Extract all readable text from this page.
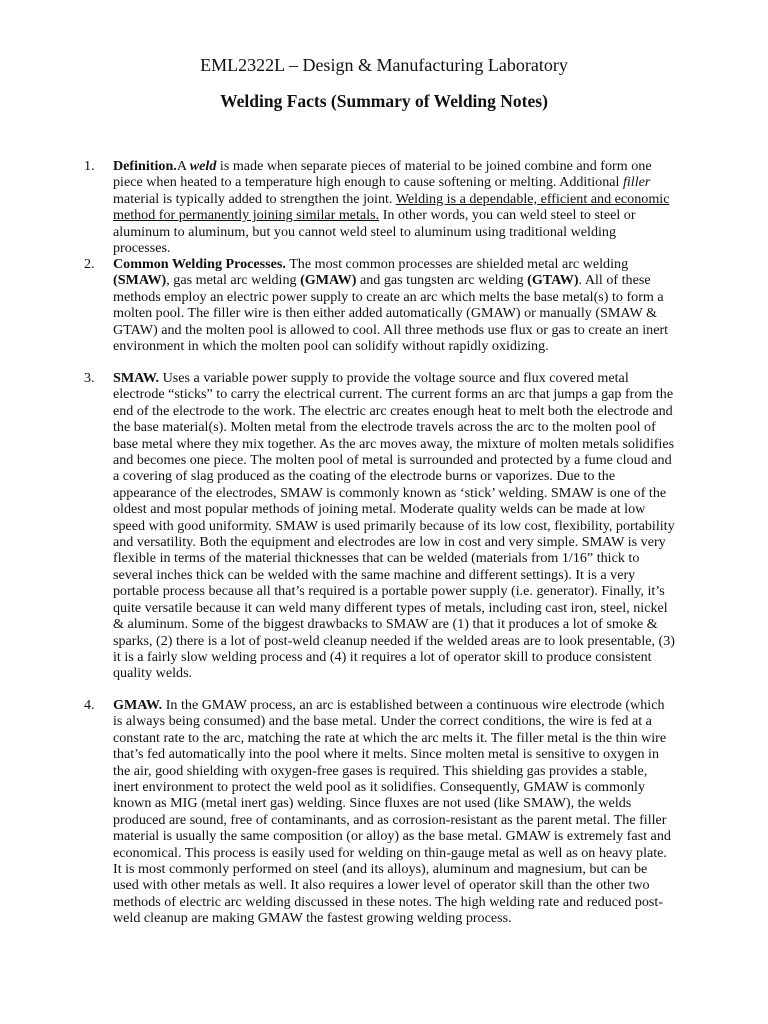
EML2322L – Design & Manufacturing Laboratory
Welding Facts (Summary of Welding Notes)
1. Definition.A weld is made when separate pieces of material to be joined combine and form one piece when heated to a temperature high enough to cause softening or melting. Additional filler material is typically added to strengthen the joint. Welding is a dependable, efficient and economic method for permanently joining similar metals. In other words, you can weld steel to steel or aluminum to aluminum, but you cannot weld steel to aluminum using traditional welding processes.
2. Common Welding Processes. The most common processes are shielded metal arc welding (SMAW), gas metal arc welding (GMAW) and gas tungsten arc welding (GTAW). All of these methods employ an electric power supply to create an arc which melts the base metal(s) to form a molten pool. The filler wire is then either added automatically (GMAW) or manually (SMAW & GTAW) and the molten pool is allowed to cool. All three methods use flux or gas to create an inert environment in which the molten pool can solidify without rapidly oxidizing.
3. SMAW. Uses a variable power supply to provide the voltage source and flux covered metal electrode “sticks” to carry the electrical current. The current forms an arc that jumps a gap from the end of the electrode to the work. The electric arc creates enough heat to melt both the electrode and the base material(s). Molten metal from the electrode travels across the arc to the molten pool of base metal where they mix together. As the arc moves away, the mixture of molten metals solidifies and becomes one piece. The molten pool of metal is surrounded and protected by a fume cloud and a covering of slag produced as the coating of the electrode burns or vaporizes. Due to the appearance of the electrodes, SMAW is commonly known as ‘stick’ welding. SMAW is one of the oldest and most popular methods of joining metal. Moderate quality welds can be made at low speed with good uniformity. SMAW is used primarily because of its low cost, flexibility, portability and versatility. Both the equipment and electrodes are low in cost and very simple. SMAW is very flexible in terms of the material thicknesses that can be welded (materials from 1/16” thick to several inches thick can be welded with the same machine and different settings). It is a very portable process because all that’s required is a portable power supply (i.e. generator). Finally, it’s quite versatile because it can weld many different types of metals, including cast iron, steel, nickel & aluminum. Some of the biggest drawbacks to SMAW are (1) that it produces a lot of smoke & sparks, (2) there is a lot of post-weld cleanup needed if the welded areas are to look presentable, (3) it is a fairly slow welding process and (4) it requires a lot of operator skill to produce consistent quality welds.
4. GMAW. In the GMAW process, an arc is established between a continuous wire electrode (which is always being consumed) and the base metal. Under the correct conditions, the wire is fed at a constant rate to the arc, matching the rate at which the arc melts it. The filler metal is the thin wire that’s fed automatically into the pool where it melts. Since molten metal is sensitive to oxygen in the air, good shielding with oxygen-free gases is required. This shielding gas provides a stable, inert environment to protect the weld pool as it solidifies. Consequently, GMAW is commonly known as MIG (metal inert gas) welding. Since fluxes are not used (like SMAW), the welds produced are sound, free of contaminants, and as corrosion-resistant as the parent metal. The filler material is usually the same composition (or alloy) as the base metal. GMAW is extremely fast and economical. This process is easily used for welding on thin-gauge metal as well as on heavy plate. It is most commonly performed on steel (and its alloys), aluminum and magnesium, but can be used with other metals as well. It also requires a lower level of operator skill than the other two methods of electric arc welding discussed in these notes. The high welding rate and reduced post-weld cleanup are making GMAW the fastest growing welding process.
